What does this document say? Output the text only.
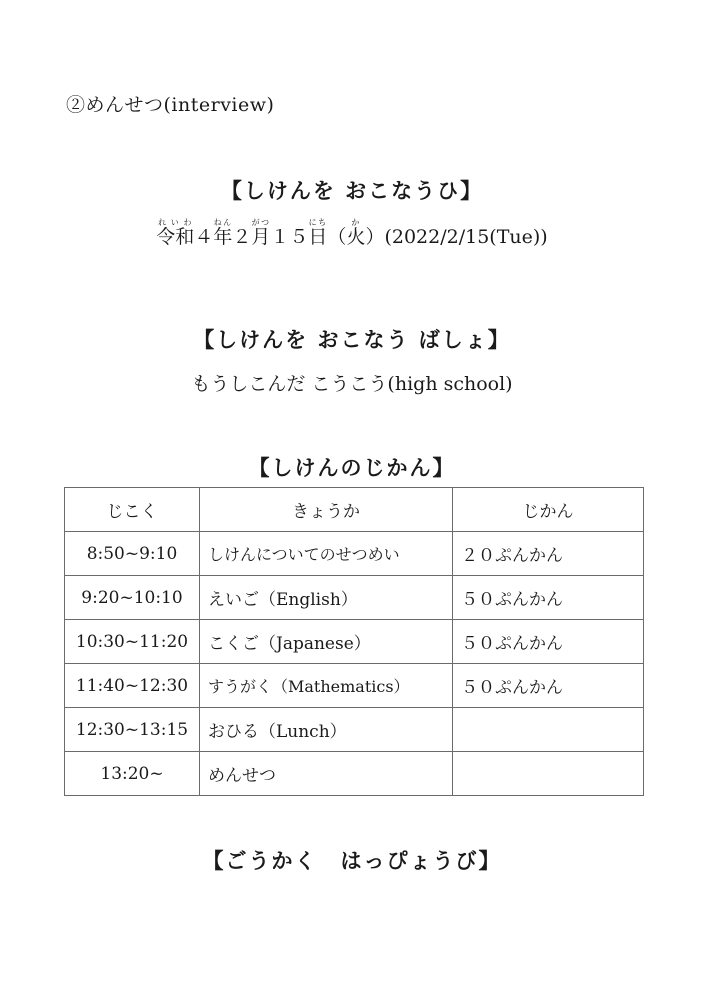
②めんせつ(interview)
【しけんを おこなうひ】
令和れいわ４年ねん２月がつ１５日にち（火か）(2022/2/15(Tue))
【しけんを おこなう ばしょ】
もうしこんだ こうこう(high school)
【しけんのじかん】
じこく	きょうか	じかん
8:50~9:10	しけんについてのせつめい	２０ぷんかん
9:20~10:10	えいご（English）	５０ぷんかん
10:30~11:20	こくご（Japanese）	５０ぷんかん
11:40~12:30	すうがく（Mathematics）	５０ぷんかん
12:30~13:15	おひる（Lunch）	
13:20~	めんせつ	
【ごうかく　はっぴょうび】
